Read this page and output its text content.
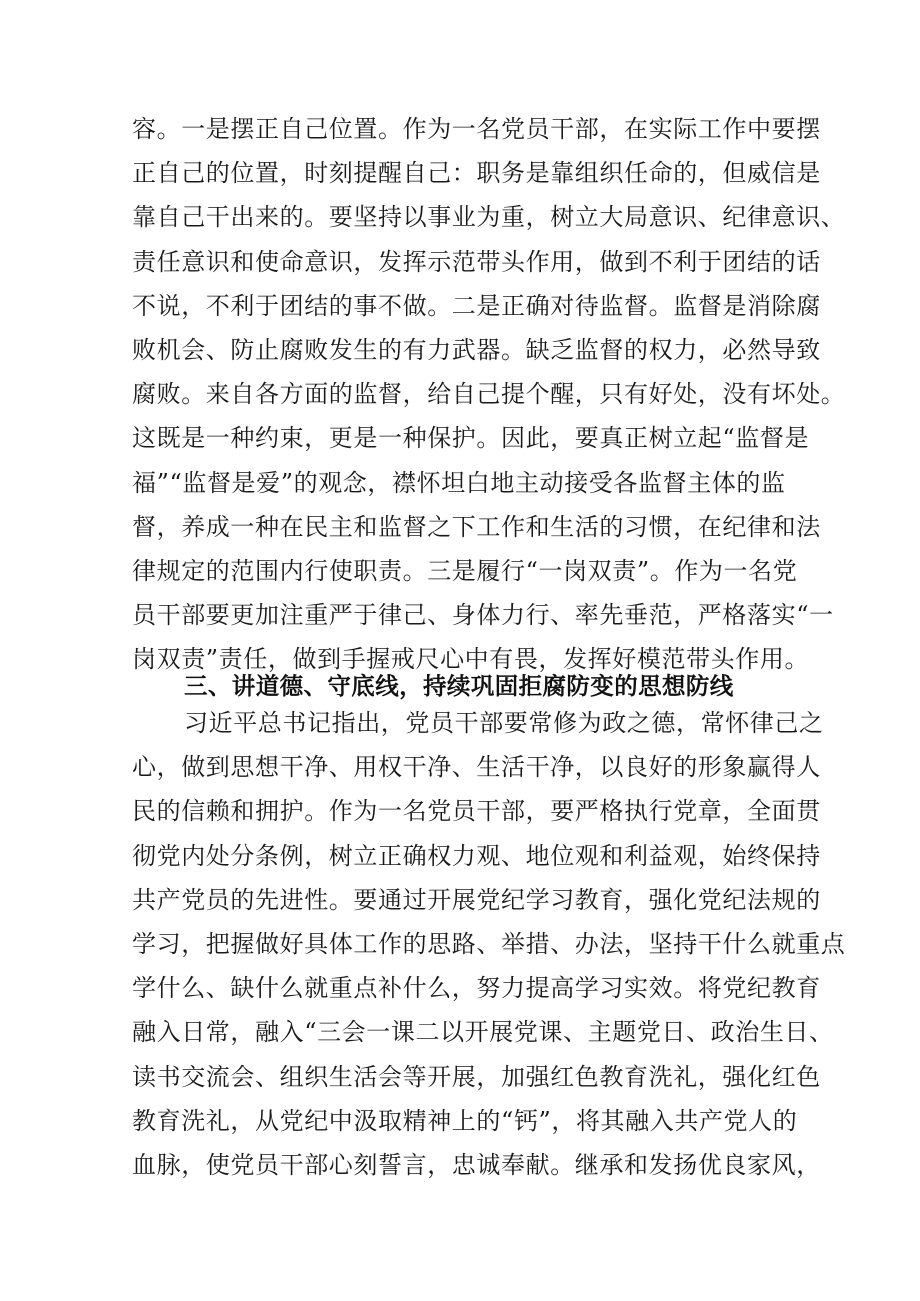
容。一是摆正自己位置。作为一名党员干部，在实际工作中要摆
正自己的位置，时刻提醒自己：职务是靠组织任命的，但威信是
靠自己干出来的。要坚持以事业为重，树立大局意识、纪律意识、
责任意识和使命意识，发挥示范带头作用，做到不利于团结的话
不说，不利于团结的事不做。二是正确对待监督。监督是消除腐
败机会、防止腐败发生的有力武器。缺乏监督的权力，必然导致
腐败。来自各方面的监督，给自己提个醒，只有好处，没有坏处。
这既是一种约束，更是一种保护。因此，要真正树立起“监督是
福”“监督是爱”的观念，襟怀坦白地主动接受各监督主体的监
督，养成一种在民主和监督之下工作和生活的习惯，在纪律和法
律规定的范围内行使职责。三是履行“一岗双责”。作为一名党
员干部要更加注重严于律己、身体力行、率先垂范，严格落实“一
岗双责”责任，做到手握戒尺心中有畏，发挥好模范带头作用。
三、讲道德、守底线，持续巩固拒腐防变的思想防线
习近平总书记指出，党员干部要常修为政之德，常怀律己之
心，做到思想干净、用权干净、生活干净，以良好的形象赢得人
民的信赖和拥护。作为一名党员干部，要严格执行党章，全面贯
彻党内处分条例，树立正确权力观、地位观和利益观，始终保持
共产党员的先进性。要通过开展党纪学习教育，强化党纪法规的
学习，把握做好具体工作的思路、举措、办法，坚持干什么就重点
学什么、缺什么就重点补什么，努力提高学习实效。将党纪教育
融入日常，融入“三会一课二以开展党课、主题党日、政治生日、
读书交流会、组织生活会等开展，加强红色教育洗礼，强化红色
教育洗礼，从党纪中汲取精神上的“钙”，将其融入共产党人的
血脉，使党员干部心刻誓言，忠诚奉献。继承和发扬优良家风，
